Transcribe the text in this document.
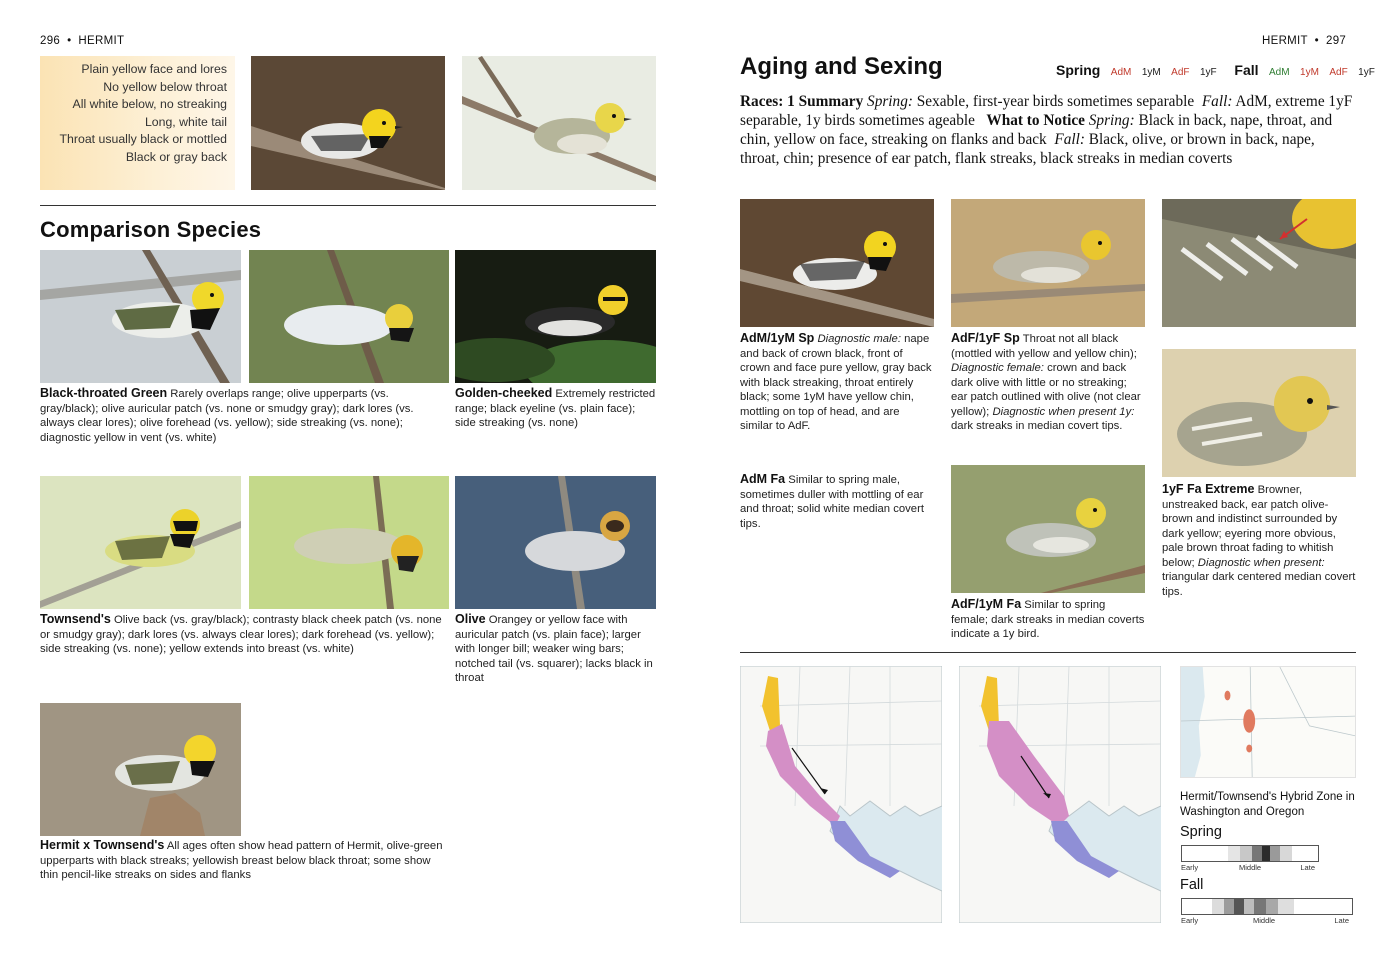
296 • HERMIT
Plain yellow face and lores
No yellow below throat
All white below, no streaking
Long, white tail
Throat usually black or mottled
Black or gray back
Comparison Species
Black-throated Green Rarely overlaps range; olive upperparts (vs. gray/black); olive auricular patch (vs. none or smudgy gray); dark lores (vs. always clear lores); olive forehead (vs. yellow); side streaking (vs. none); diagnostic yellow in vent (vs. white)
Golden-cheeked Extremely restricted range; black eyeline (vs. plain face); side streaking (vs. none)
Townsend's Olive back (vs. gray/black); contrasty black cheek patch (vs. none or smudgy gray); dark lores (vs. always clear lores); dark forehead (vs. yellow); side streaking (vs. none); yellow extends into breast (vs. white)
Olive Orangey or yellow face with auricular patch (vs. plain face); larger with longer bill; weaker wing bars; notched tail (vs. squarer); lacks black in throat
Hermit x Townsend's All ages often show head pattern of Hermit, olive-green upperparts with black streaks; yellowish breast below black throat; some show thin pencil-like streaks on sides and flanks
HERMIT • 297
Aging and Sexing	Spring AdM 1yM AdF 1yF Fall AdM 1yM AdF 1yF
Races: 1 Summary Spring: Sexable, first-year birds sometimes separable Fall: AdM, extreme 1yF separable, 1y birds sometimes ageable What to Notice Spring: Black in back, nape, throat, and chin, yellow on face, streaking on flanks and back Fall: Black, olive, or brown in back, nape, throat, chin; presence of ear patch, flank streaks, black streaks in median coverts
AdM/1yM Sp Diagnostic male: nape and back of crown black, front of crown and face pure yellow, gray back with black streaking, throat entirely black; some 1yM have yellow chin, mottling on top of head, and are similar to AdF.
AdF/1yF Sp Throat not all black (mottled with yellow and yellow chin); Diagnostic female: crown and back dark olive with little or no streaking; ear patch outlined with olive (not clear yellow); Diagnostic when present 1y: dark streaks in median covert tips.
AdM Fa Similar to spring male, sometimes duller with mottling of ear and throat; solid white median covert tips.
1yF Fa Extreme Browner, unstreaked back, ear patch olive-brown and indistinct surrounded by dark yellow; eyering more obvious, pale brown throat fading to whitish below; Diagnostic when present: triangular dark centered median covert tips.
AdF/1yM Fa Similar to spring female; dark streaks in median coverts indicate a 1y bird.
Hermit/Townsend's Hybrid Zone in Washington and Oregon
Spring
Early	Middle	Late
Fall
Early	Middle	Late
